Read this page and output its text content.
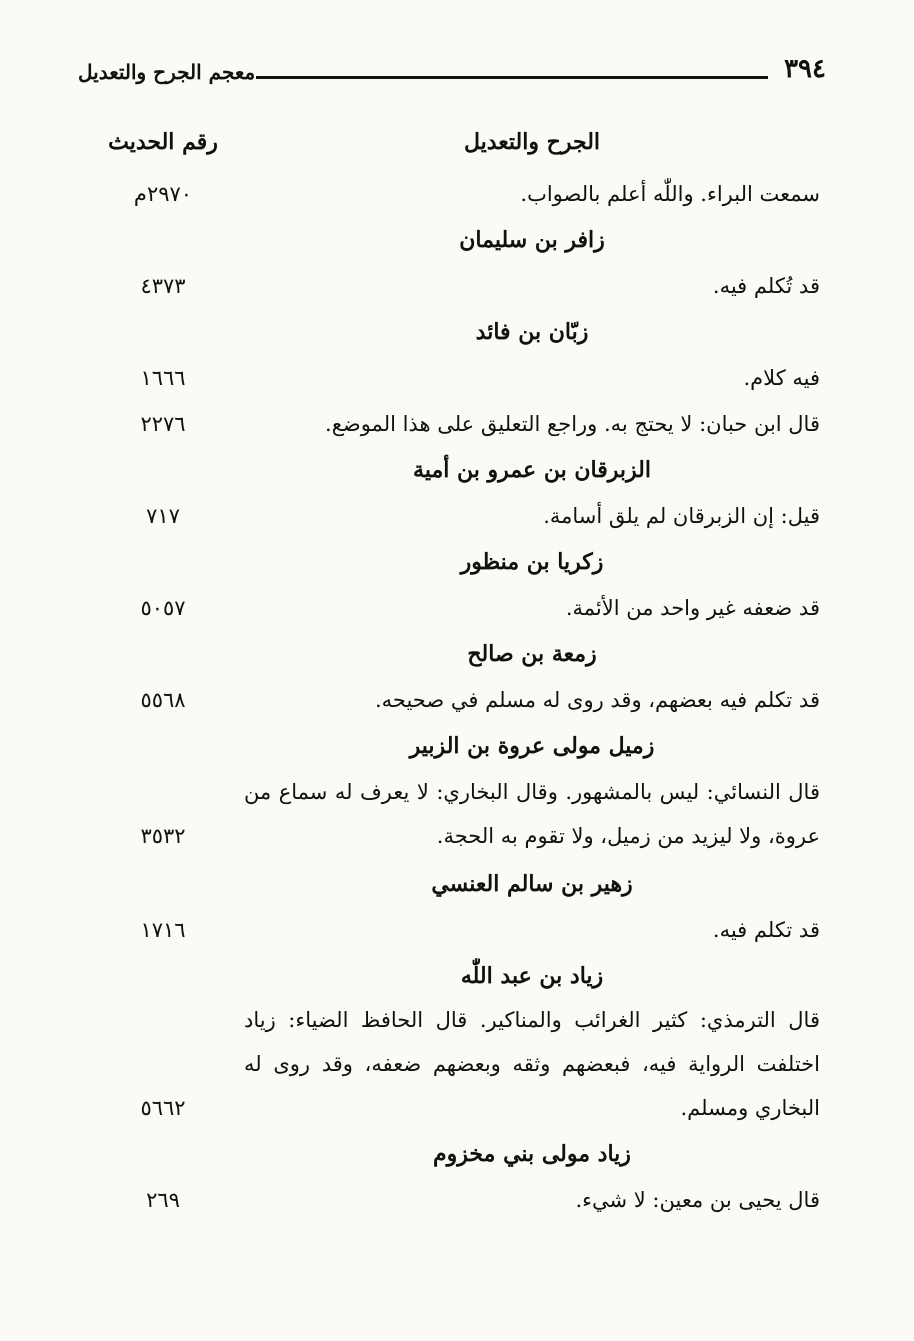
٣٩٤
معجم الجرح والتعديل
الجرح والتعديل
رقم الحديث
سمعت البراء. واللّٰه أعلم بالصواب.
٢٩٧٠م
زافر بن سليمان
قد تُكلم فيه.
٤٣٧٣
زبّان بن فائد
فيه كلام.
١٦٦٦
قال ابن حبان: لا يحتج به. وراجع التعليق على هذا الموضع.
٢٢٧٦
الزبرقان بن عمرو بن أمية
قيل: إن الزبرقان لم يلق أسامة.
٧١٧
زكريا بن منظور
قد ضعفه غير واحد من الأئمة.
٥٠٥٧
زمعة بن صالح
قد تكلم فيه بعضهم، وقد روى له مسلم في صحيحه.
٥٥٦٨
زميل مولى عروة بن الزبير
قال النسائي: ليس بالمشهور. وقال البخاري: لا يعرف له سماع من عروة، ولا ليزيد من زميل، ولا تقوم به الحجة.
٣٥٣٢
زهير بن سالم العنسي
قد تكلم فيه.
١٧١٦
زياد بن عبد اللّٰه
قال الترمذي: كثير الغرائب والمناكير. قال الحافظ الضياء: زياد اختلفت الرواية فيه، فبعضهم وثقه وبعضهم ضعفه، وقد روى له البخاري ومسلم.
٥٦٦٢
زياد مولى بني مخزوم
قال يحيى بن معين: لا شيء.
٢٦٩
